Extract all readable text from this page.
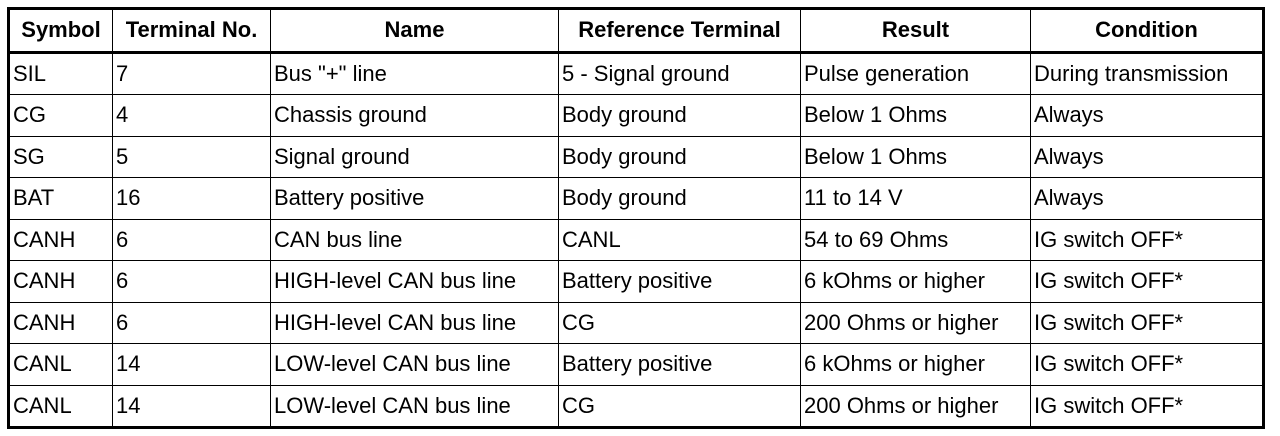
Symbol	Terminal No.	Name	Reference Terminal	Result	Condition
SIL	7	Bus "+" line	5 - Signal ground	Pulse generation	During transmission
CG	4	Chassis ground	Body ground	Below 1 Ohms	Always
SG	5	Signal ground	Body ground	Below 1 Ohms	Always
BAT	16	Battery positive	Body ground	11 to 14 V	Always
CANH	6	CAN bus line	CANL	54 to 69 Ohms	IG switch OFF*
CANH	6	HIGH-level CAN bus line	Battery positive	6 kOhms or higher	IG switch OFF*
CANH	6	HIGH-level CAN bus line	CG	200 Ohms or higher	IG switch OFF*
CANL	14	LOW-level CAN bus line	Battery positive	6 kOhms or higher	IG switch OFF*
CANL	14	LOW-level CAN bus line	CG	200 Ohms or higher	IG switch OFF*
